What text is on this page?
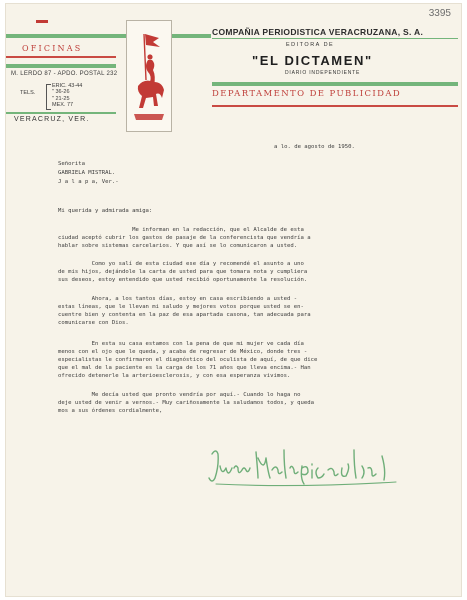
3395
OFICINAS
M. LERDO 87 - APDO. POSTAL 232
TELS.
ERIC. 43-44
" 36-26
" 21-25
MEX. 77
VERACRUZ, VER.
COMPAÑIA PERIODISTICA VERACRUZANA, S. A.
EDITORA DE
"EL DICTAMEN"
DIARIO INDEPENDIENTE
DEPARTAMENTO DE PUBLICIDAD
a lo. de agosto de 1950.
Señorita
GABRIELA MISTRAL.
J a l a p a, Ver.-
Mi querida y admirada amiga:
Me informan en la redacción, que el Alcalde de esta
ciudad aceptó cubrir los gastos de pasaje de la conferencista que vendría a
hablar sobre sistemas carcelarios. Y que así se lo comunicaron a usted.
Como yo salí de esta ciudad ese día y recomendé el asunto a uno
de mis hijos, dejándole la carta de usted para que tomara nota y cumpliera
sus deseos, estoy entendido que usted recibió oportunamente la resolución.
Ahora, a los tantos días, estoy en casa escribiendo a usted -
estas líneas, que le llevan mi saludo y mejores votos porque usted se en-
cuentre bien y contenta en la paz de esa apartada casona, tan adecuada para
comunicarse con Dios.
En esta su casa estamos con la pena de que mi mujer ve cada día
menos con el ojo que le queda, y acaba de regresar de México, donde tres -
especialistas le confirmaron el diagnóstico del oculista de aquí, de que dice
que el mal de la paciente es la carga de los 71 años que lleva encima.- Han
ofrecido detenerle la arterioesclerosis, y con esa esperanza vivimos.
Me decía usted que pronto vendría por aquí.- Cuando lo haga no
deje usted de venir a vernos.- Muy cariñosamente la saludamos todos, y queda
mos a sus órdenes cordialmente,
